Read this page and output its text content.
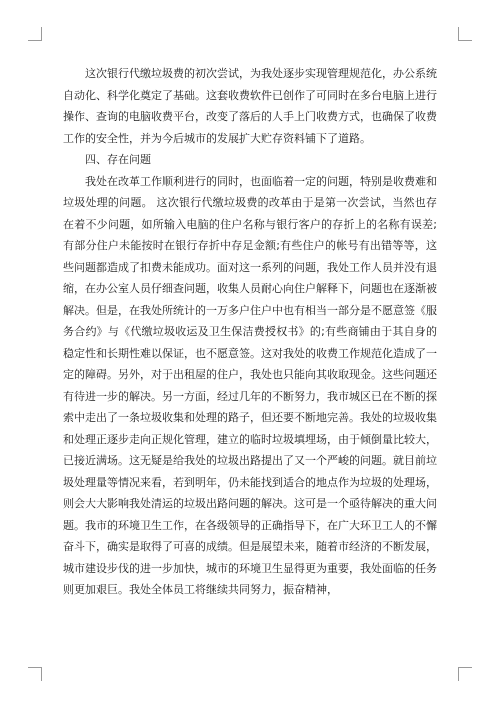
这次银行代缴垃圾费的初次尝试，为我处逐步实现管理规范化，办公系统自动化、科学化奠定了基础。这套收费软件已创作了可同时在多台电脑上进行操作、查询的电脑收费平台，改变了落后的人手上门收费方式，也确保了收费工作的安全性，并为今后城市的发展扩大贮存资料铺下了道路。

四、存在问题

我处在改革工作顺利进行的同时，也面临着一定的问题，特别是收费难和垃圾处理的问题。 这次银行代缴垃圾费的改革由于是第一次尝试，当然也存在着不少问题，如所输入电脑的住户名称与银行客户的存折上的名称有误差;有部分住户未能按时在银行存折中存足金额;有些住户的帐号有出错等等，这些问题都造成了扣费未能成功。面对这一系列的问题，我处工作人员并没有退缩，在办公室人员仔细查问题，收集人员耐心向住户解释下，问题也在逐渐被解决。但是，在我处所统计的一万多户住户中也有相当一部分是不愿意签《服务合约》与《代缴垃圾收运及卫生保洁费授权书》的;有些商铺由于其自身的稳定性和长期性难以保证，也不愿意签。这对我处的收费工作规范化造成了一定的障碍。另外，对于出租屋的住户，我处也只能向其收取现金。这些问题还有待进一步的解决。另一方面，经过几年的不断努力，我市城区已在不断的探索中走出了一条垃圾收集和处理的路子，但还要不断地完善。我处的垃圾收集和处理正逐步走向正规化管理，建立的临时垃圾填埋场，由于倾倒量比较大，已接近满场。这无疑是给我处的垃圾出路提出了又一个严峻的问题。就目前垃圾处理量等情况来看，若到明年，仍未能找到适合的地点作为垃圾的处理场，则会大大影响我处清运的垃圾出路问题的解决。这可是一个亟待解决的重大问题。我市的环境卫生工作，在各级领导的正确指导下，在广大环卫工人的不懈奋斗下，确实是取得了可喜的成绩。但是展望未来，随着市经济的不断发展，城市建设步伐的进一步加快，城市的环境卫生显得更为重要，我处面临的任务则更加艰巨。我处全体员工将继续共同努力，振奋精神，
